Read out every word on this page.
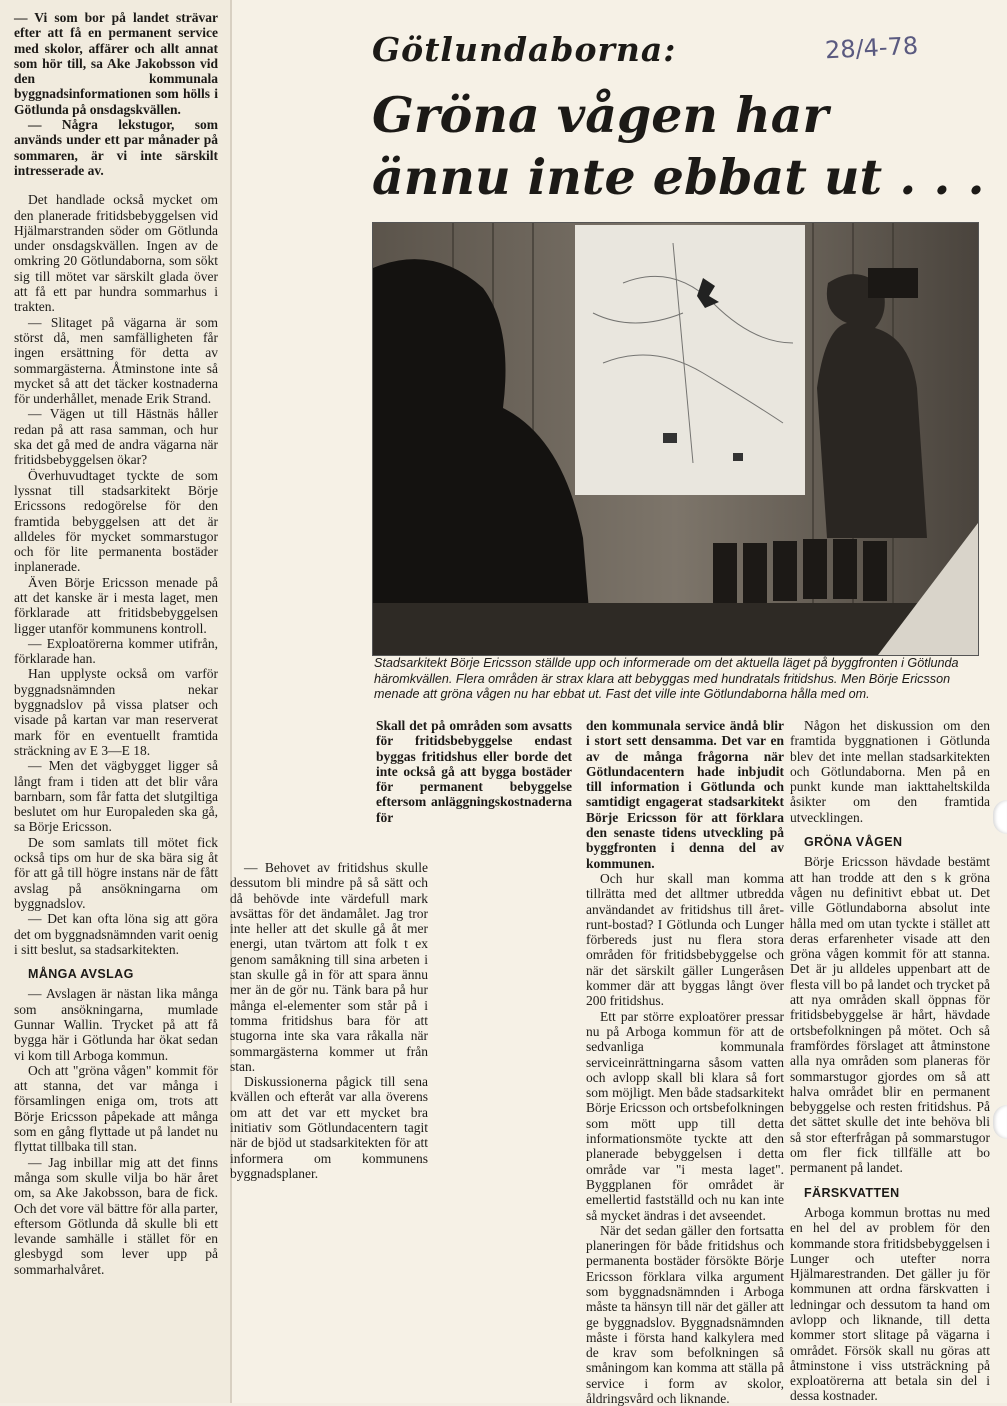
— Vi som bor på landet strävar efter att få en permanent service med skolor, affärer och allt annat som hör till, sa Ake Jakobsson vid den kommunala byggnadsinformationen som hölls i Götlunda på onsdagskvällen.

— Några lekstugor, som används under ett par månader på sommaren, är vi inte särskilt intresserade av.

Det handlade också mycket om den planerade fritidsbebyggelsen vid Hjälmarstranden söder om Götlunda under onsdagskvällen. Ingen av de omkring 20 Götlundaborna, som sökt sig till mötet var särskilt glada över att få ett par hundra sommarhus i trakten.

— Slitaget på vägarna är som störst då, men samfälligheten får ingen ersättning för detta av sommargästerna. Åtminstone inte så mycket så att det täcker kostnaderna för underhållet, menade Erik Strand.

— Vägen ut till Hästnäs håller redan på att rasa samman, och hur ska det gå med de andra vägarna när fritidsbebyggelsen ökar?

Överhuvudtaget tyckte de som lyssnat till stadsarkitekt Börje Ericssons redogörelse för den framtida bebyggelsen att det är alldeles för mycket sommarstugor och för lite permanenta bostäder inplanerade.

Även Börje Ericsson menade på att det kanske är i mesta laget, men förklarade att fritidsbebyggelsen ligger utanför kommunens kontroll.

— Exploatörerna kommer utifrån, förklarade han.

Han upplyste också om varför byggnadsnämnden nekar byggnadslov på vissa platser och visade på kartan var man reserverat mark för en eventuellt framtida sträckning av E 3—E 18.

— Men det vägbygget ligger så långt fram i tiden att det blir våra barnbarn, som får fatta det slutgiltiga beslutet om hur Europaleden ska gå, sa Börje Ericsson.

De som samlats till mötet fick också tips om hur de ska bära sig åt för att gå till högre instans när de fått avslag på ansökningarna om byggnadslov.

— Det kan ofta löna sig att göra det om byggnadsnämnden varit oenig i sitt beslut, sa stadsarkitekten.

MÅNGA AVSLAG

— Avslagen är nästan lika många som ansökningarna, mumlade Gunnar Wallin. Trycket på att få bygga här i Götlunda har ökat sedan vi kom till Arboga kommun.

Och att "gröna vågen" kommit för att stanna, det var många i församlingen eniga om, trots att Börje Ericsson påpekade att många som en gång flyttade ut på landet nu flyttat tillbaka till stan.

— Jag inbillar mig att det finns många som skulle vilja bo här året om, sa Ake Jakobsson, bara de fick. Och det vore väl bättre för alla parter, eftersom Götlunda då skulle bli ett levande samhälle i stället för en glesbygd som lever upp på sommarhalvåret.

Götlundaborna:	28/4-78
Gröna vågen har
ännu inte ebbat ut . . .
Stadsarkitekt Börje Ericsson ställde upp och informerade om det aktuella läget på byggfronten i Götlunda häromkvällen. Flera områden är strax klara att bebyggas med hundratals fritidshus. Men Börje Ericsson menade att gröna vågen nu har ebbat ut. Fast det ville inte Götlundaborna hålla med om.

— Behovet av fritidshus skulle dessutom bli mindre på så sätt och då behövde inte värdefull mark avsättas för det ändamålet. Jag tror inte heller att det skulle gå åt mer energi, utan tvärtom att folk t ex genom samåkning till sina arbeten i stan skulle gå in för att spara ännu mer än de gör nu. Tänk bara på hur många el-elementer som står på i tomma fritidshus bara för att stugorna inte ska vara råkalla när sommargästerna kommer ut från stan.

Diskussionerna pågick till sena kvällen och efteråt var alla överens om att det var ett mycket bra initiativ som Götlundacentern tagit när de bjöd ut stadsarkitekten för att informera om kommunens byggnadsplaner.

Skall det på områden som avsatts för fritidsbebyggelse endast byggas fritidshus eller borde det inte också gå att bygga bostäder för permanent bebyggelse eftersom anläggningskostnaderna för

den kommunala service ändå blir i stort sett densamma. Det var en av de många frågorna när Götlundacentern hade inbjudit till information i Götlunda och samtidigt engagerat stadsarkitekt Börje Ericsson för att förklara den senaste tidens utveckling på byggfronten i denna del av kommunen.

Och hur skall man komma tillrätta med det alltmer utbredda användandet av fritidshus till året-runt-bostad? I Götlunda och Lunger förbereds just nu flera stora områden för fritidsbebyggelse och när det särskilt gäller Lungeråsen kommer där att byggas långt över 200 fritidshus.

Ett par större exploatörer pressar nu på Arboga kommun för att de sedvanliga kommunala serviceinrättningarna såsom vatten och avlopp skall bli klara så fort som möjligt. Men både stadsarkitekt Börje Ericsson och ortsbefolkningen som mött upp till detta informationsmöte tyckte att den planerade bebyggelsen i detta område var "i mesta laget". Byggplanen för området är emellertid fastställd och nu kan inte så mycket ändras i det avseendet.

När det sedan gäller den fortsatta planeringen för både fritidshus och permanenta bostäder försökte Börje Ericsson förklara vilka argument som byggnadsnämnden i Arboga måste ta hänsyn till när det gäller att ge byggnadslov. Byggnadsnämnden måste i första hand kalkylera med de krav som befolkningen så småningom kan komma att ställa på service i form av skolor, åldringsvård och liknande.

Någon het diskussion om den framtida byggnationen i Götlunda blev det inte mellan stadsarkitekten och Götlundaborna. Men på en punkt kunde man iakttaheltskilda åsikter om den framtida utvecklingen.

GRÖNA VÅGEN

Börje Ericsson hävdade bestämt att han trodde att den s k gröna vågen nu definitivt ebbat ut. Det ville Götlundaborna absolut inte hålla med om utan tyckte i stället att deras erfarenheter visade att den gröna vågen kommit för att stanna. Det är ju alldeles uppenbart att de flesta vill bo på landet och trycket på att nya områden skall öppnas för fritidsbebyggelse är hårt, hävdade ortsbefolkningen på mötet. Och så framfördes förslaget att åtminstone alla nya områden som planeras för sommarstugor gjordes om så att halva området blir en permanent bebyggelse och resten fritidshus. På det sättet skulle det inte behöva bli så stor efterfrågan på sommarstugor om fler fick tillfälle att bo permanent på landet.

FÄRSKVATTEN

Arboga kommun brottas nu med en hel del av problem för den kommande stora fritidsbebyggelsen i Lunger och utefter norra Hjälmarestranden. Det gäller ju för kommunen att ordna färskvatten i ledningar och dessutom ta hand om avlopp och liknande, till detta kommer stort slitage på vägarna i området. Försök skall nu göras att åtminstone i viss utsträckning på exploatörerna att betala sin del i dessa kostnader.
